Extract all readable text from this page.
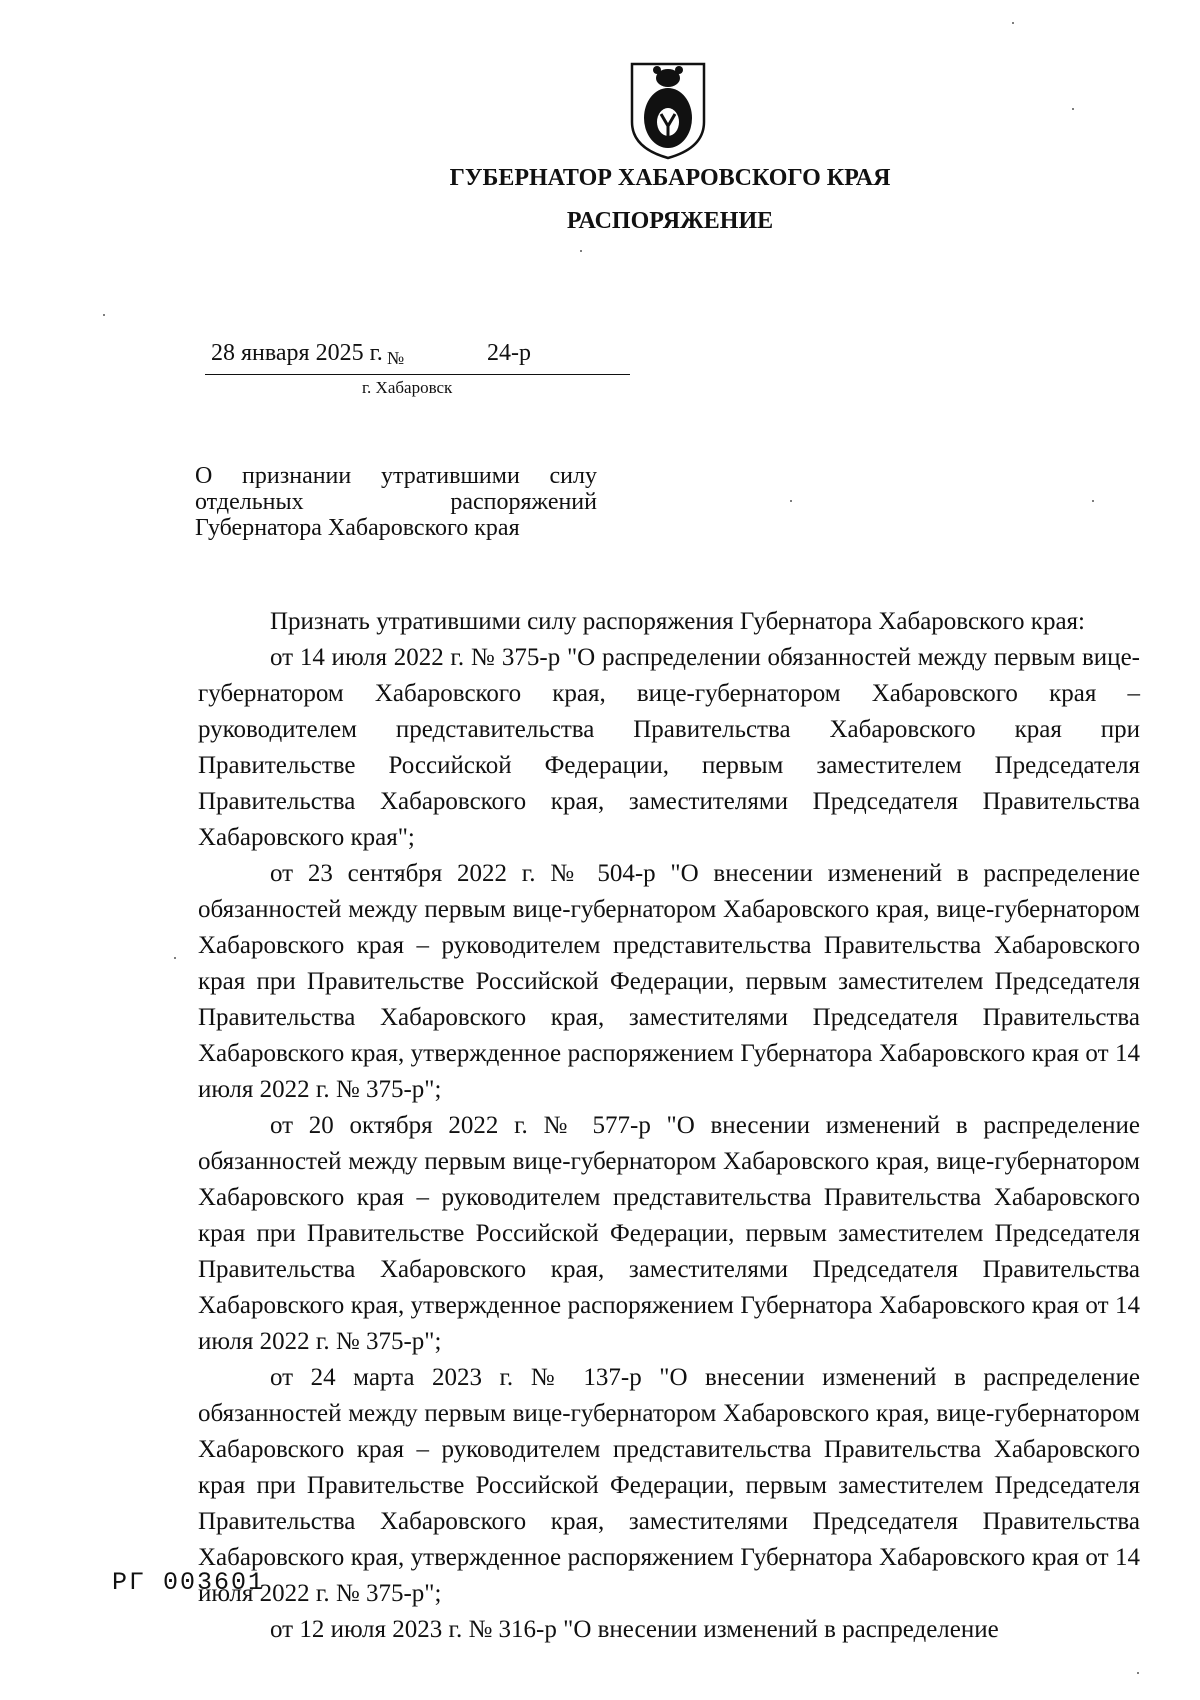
ГУБЕРНАТОР ХАБАРОВСКОГО КРАЯ
РАСПОРЯЖЕНИЕ
28 января 2025 г. №	24-р
г. Хабаровск
О признании утратившими силу
отдельных распоряжений
Губернатора Хабаровского края

Признать утратившими силу распоряжения Губернатора Хабаровского края:

от 14 июля 2022 г. № 375-р "О распределении обязанностей между первым вице-губернатором Хабаровского края, вице-губернатором Хабаровского края – руководителем представительства Правительства Хабаровского края при Правительстве Российской Федерации, первым заместителем Председателя Правительства Хабаровского края, заместителями Председателя Правительства Хабаровского края";

от 23 сентября 2022 г. № 504-р "О внесении изменений в распределение обязанностей между первым вице-губернатором Хабаровского края, вице-губернатором Хабаровского края – руководителем представительства Правительства Хабаровского края при Правительстве Российской Федерации, первым заместителем Председателя Правительства Хабаровского края, заместителями Председателя Правительства Хабаровского края, утвержденное распоряжением Губернатора Хабаровского края от 14 июля 2022 г. № 375-р";

от 20 октября 2022 г. № 577-р "О внесении изменений в распределение обязанностей между первым вице-губернатором Хабаровского края, вице-губернатором Хабаровского края – руководителем представительства Правительства Хабаровского края при Правительстве Российской Федерации, первым заместителем Председателя Правительства Хабаровского края, заместителями Председателя Правительства Хабаровского края, утвержденное распоряжением Губернатора Хабаровского края от 14 июля 2022 г. № 375-р";

от 24 марта 2023 г. № 137-р "О внесении изменений в распределение обязанностей между первым вице-губернатором Хабаровского края, вице-губернатором Хабаровского края – руководителем представительства Правительства Хабаровского края при Правительстве Российской Федерации, первым заместителем Председателя Правительства Хабаровского края, заместителями Председателя Правительства Хабаровского края, утвержденное распоряжением Губернатора Хабаровского края от 14 июля 2022 г. № 375-р";

от 12 июля 2023 г. № 316-р "О внесении изменений в распределение

РГ 003601
